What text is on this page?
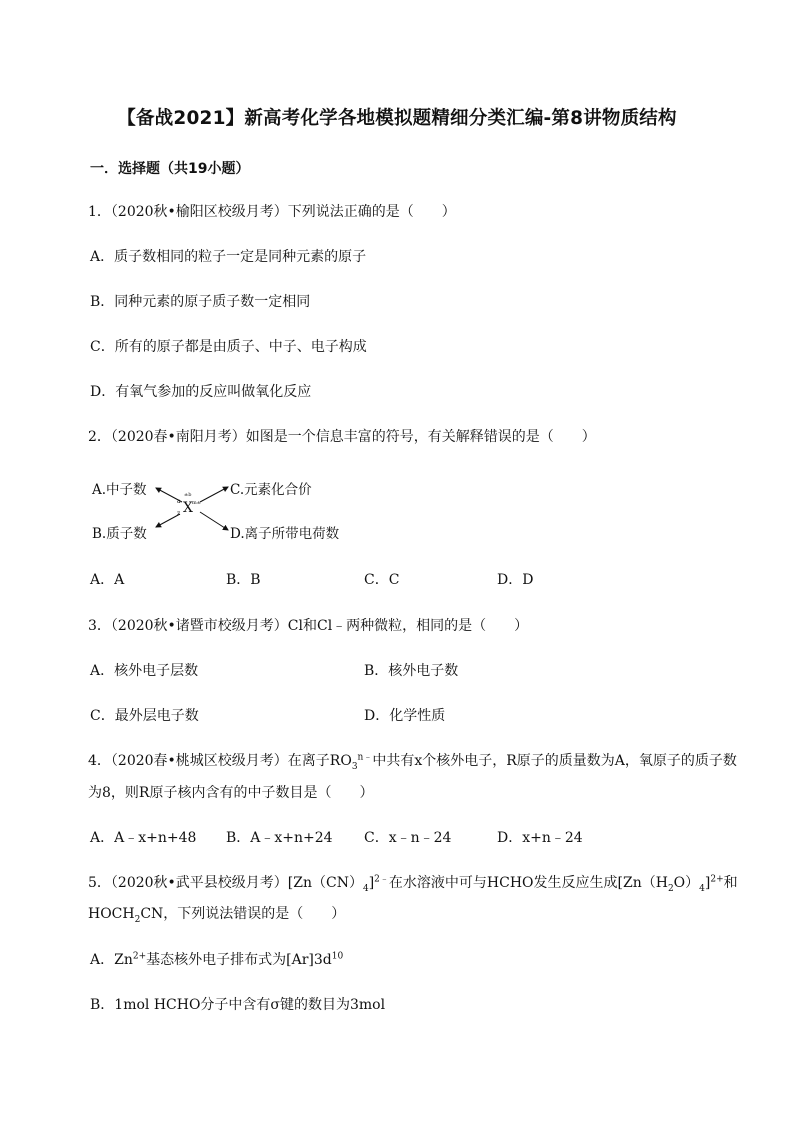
【备战2021】新高考化学各地模拟题精细分类汇编-第8讲物质结构
一．选择题（共19小题）
1．（2020秋•榆阳区校级月考）下列说法正确的是（　　）
A．质子数相同的粒子一定是同种元素的原子
B．同种元素的原子质子数一定相同
C．所有的原子都是由质子、中子、电子构成
D．有氧气参加的反应叫做氧化反应
2．（2020春•南阳月考）如图是一个信息丰富的符号，有关解释错误的是（　　）
A.中子数
B.质子数
C.元素化合价
D.离子所带电荷数
X
a
z
±b
m±
A．A	B．B	C．C	D．D
3．（2020秋•诸暨市校级月考）Cl和Cl﹣两种微粒，相同的是（　　）
A．核外电子层数	B．核外电子数
C．最外层电子数	D．化学性质
4．（2020春•桃城区校级月考）在离子$RO_3^{n﹣}$中共有x个核外电子，R原子的质量数为A，氧原子的质子数
为8，则R原子核内含有的中子数目是（　　）
A．A﹣x+n+48 B．A﹣x+n+24 C．x﹣n﹣24	D．x+n﹣24
5．（2020秋•武平县校级月考）$[Zn(CN)_4]^{2﹣}$在水溶液中可与HCHO发生反应生成$[Zn(H_2O)_4]^{2+}$和
$HOCH_2CN$，下列说法错误的是（　　）
A．$Zn^{2+}$基态核外电子排布式为$[Ar]3d^{10}$
B．1mol HCHO分子中含有σ键的数目为3mol
